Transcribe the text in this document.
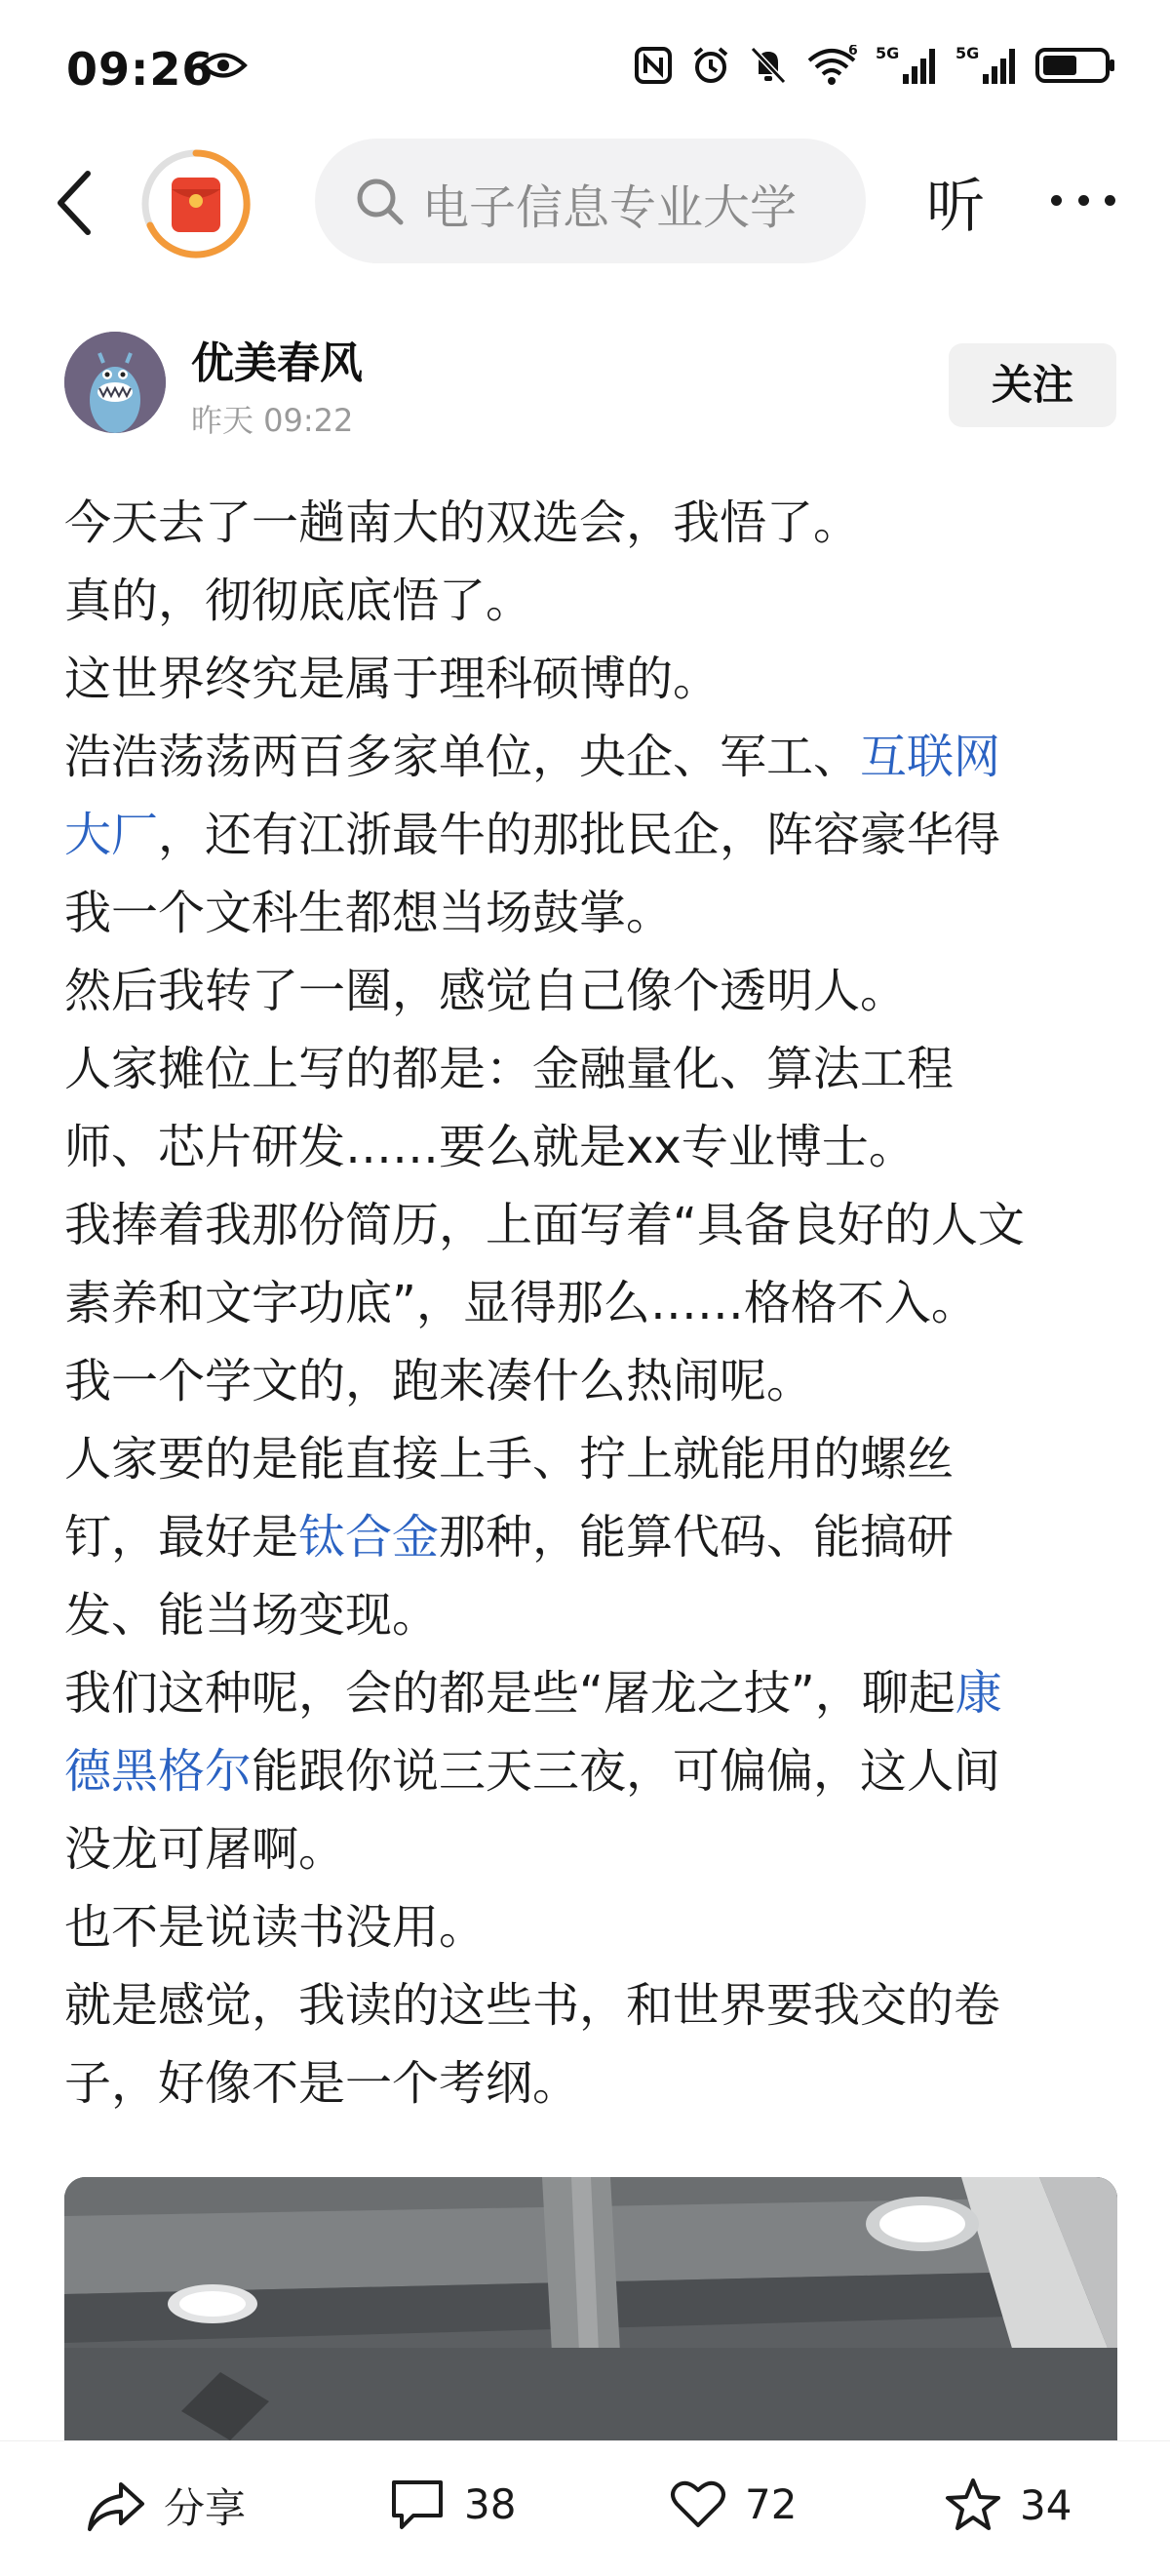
09:26	6 5G	5G
电子信息专业大学 听
优美春风
昨天 09:22
关注

今天去了一趟南大的双选会，我悟了。

真的，彻彻底底悟了。

这世界终究是属于理科硕博的。

浩浩荡荡两百多家单位，央企、军工、互联网

大厂，还有江浙最牛的那批民企，阵容豪华得

我一个文科生都想当场鼓掌。

然后我转了一圈，感觉自己像个透明人。

人家摊位上写的都是：金融量化、算法工程

师、芯片研发……要么就是xx专业博士。

我捧着我那份简历，上面写着“具备良好的人文

素养和文字功底”，显得那么……格格不入。

我一个学文的，跑来凑什么热闹呢。

人家要的是能直接上手、拧上就能用的螺丝

钉，最好是钛合金那种，能算代码、能搞研

发、能当场变现。

我们这种呢，会的都是些“屠龙之技”，聊起康

德黑格尔能跟你说三天三夜，可偏偏，这人间

没龙可屠啊。

也不是说读书没用。

就是感觉，我读的这些书，和世界要我交的卷

子，好像不是一个考纲。

分享	38	72	34
